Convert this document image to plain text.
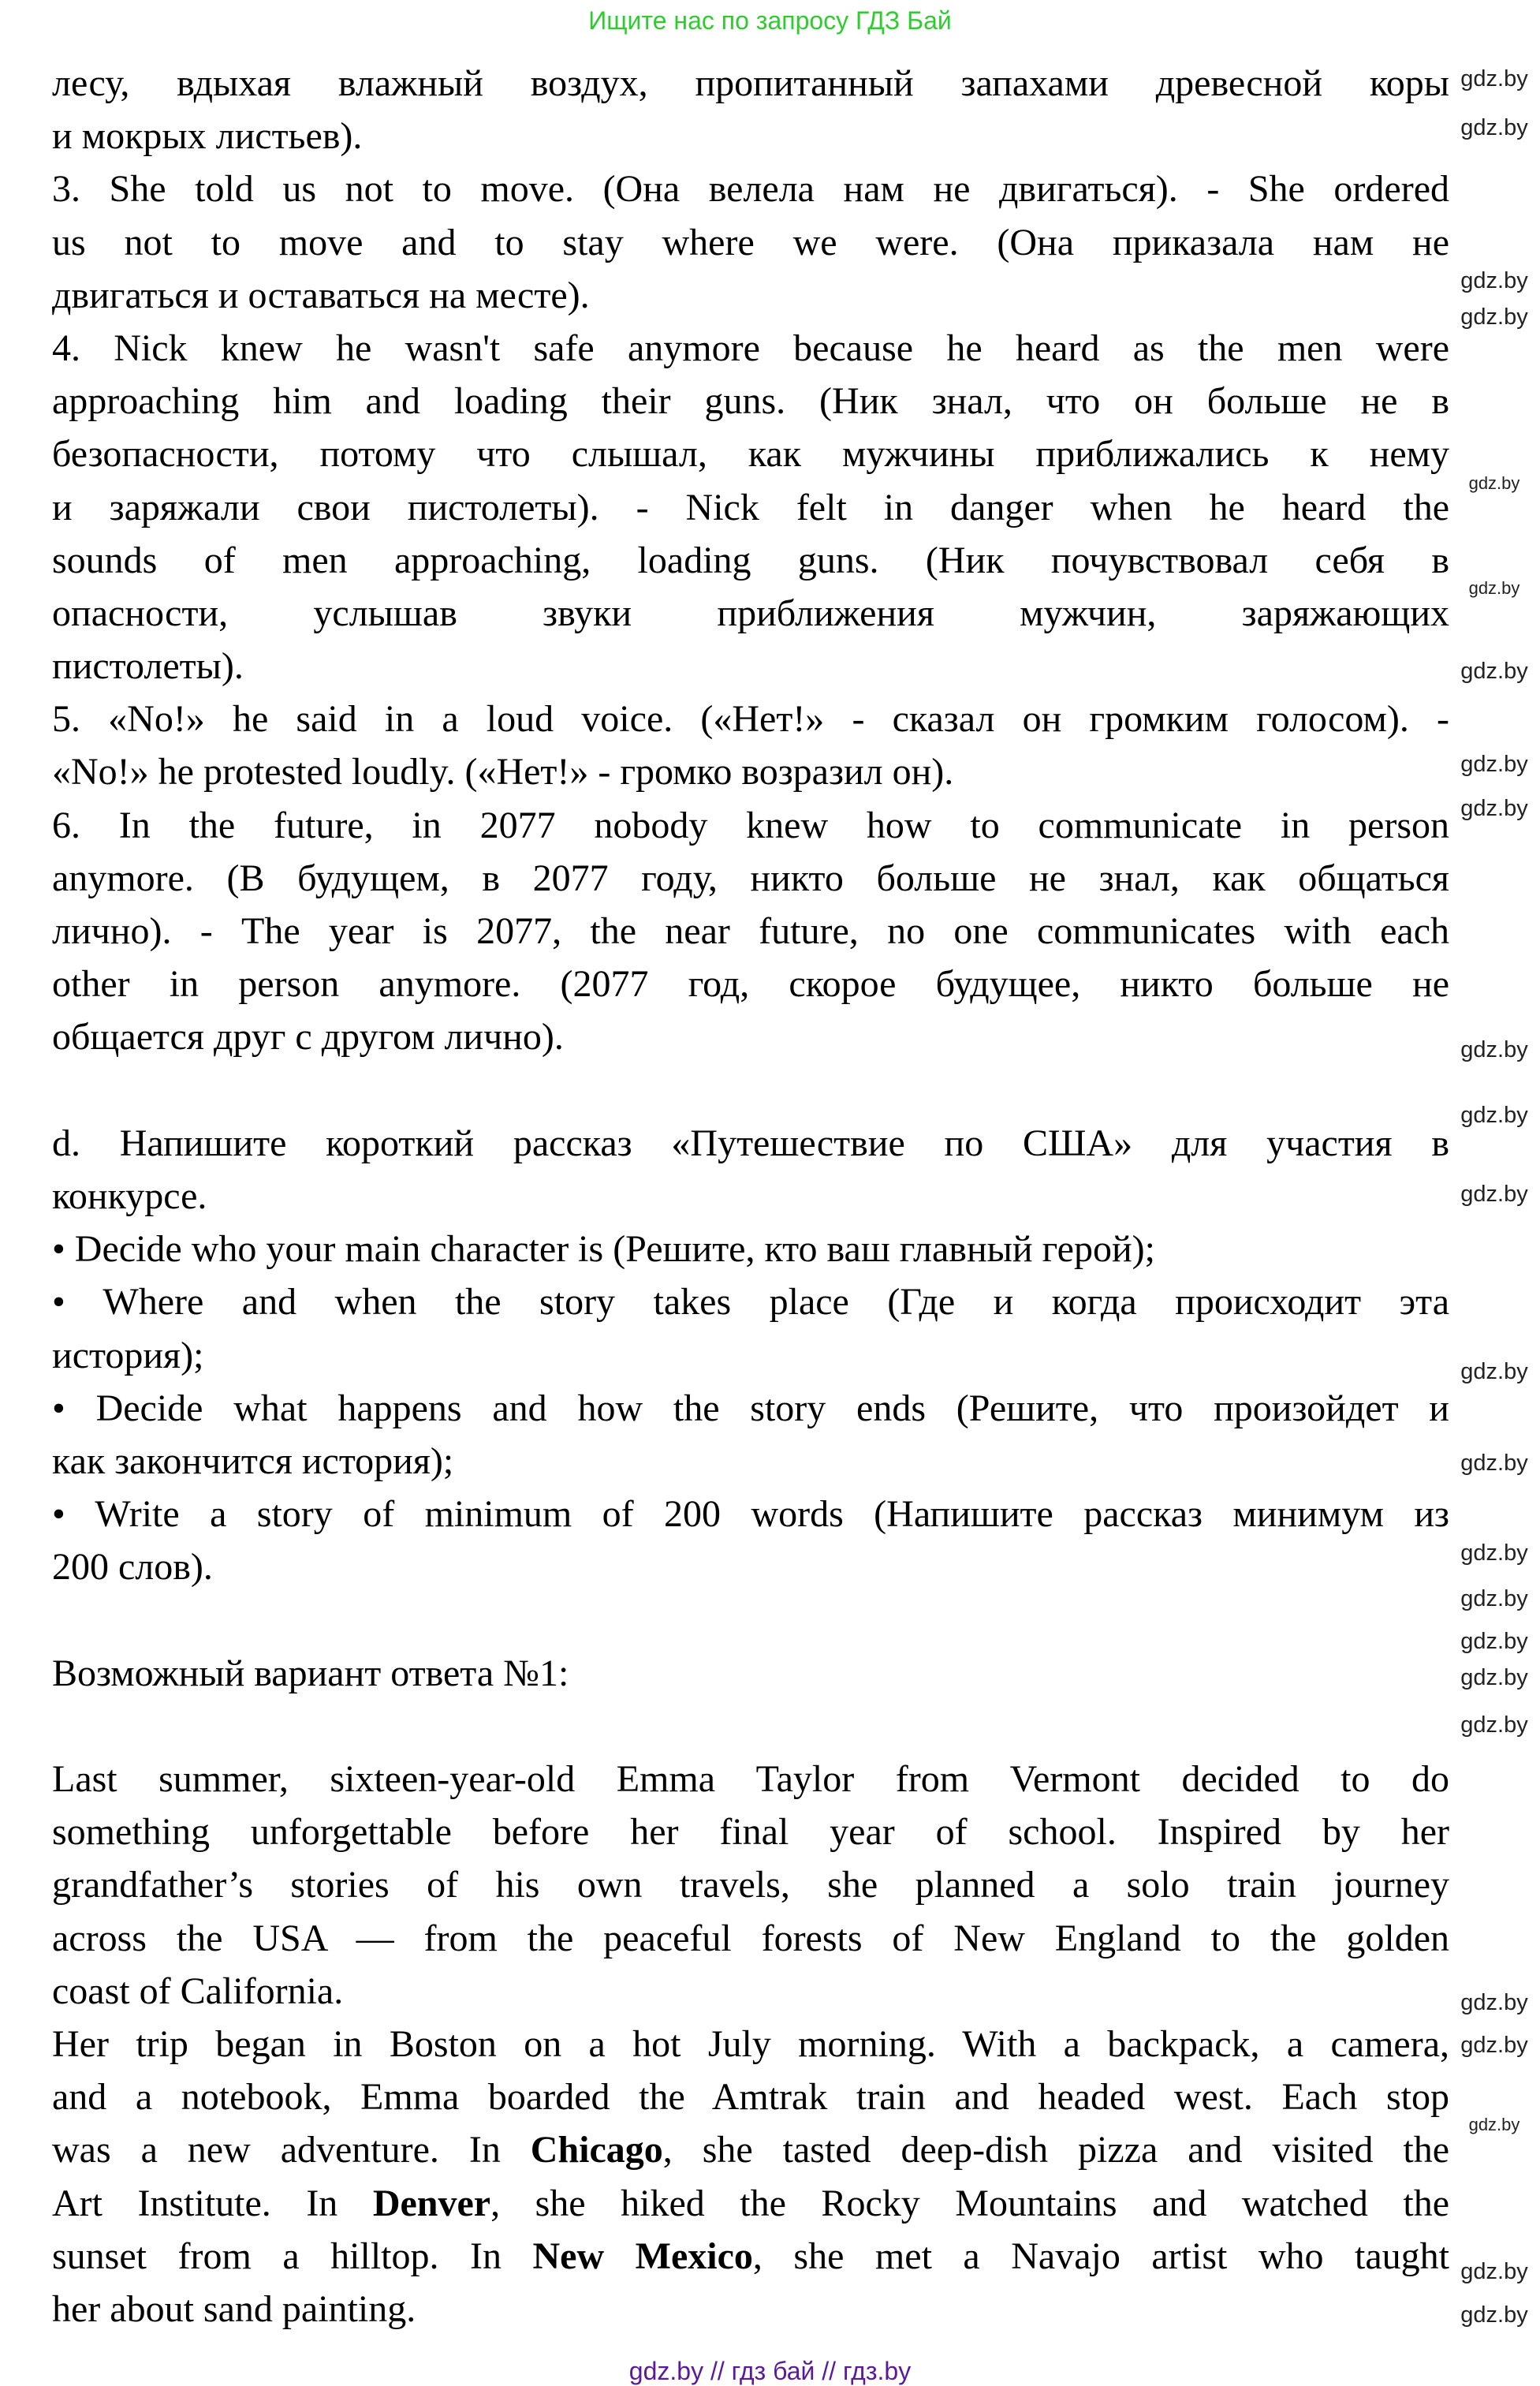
Ищите нас по запросу ГДЗ Бай
лесу, вдыхая влажный воздух, пропитанный запахами древесной коры
и мокрых листьев).
3. She told us not to move. (Она велела нам не двигаться). - She ordered
us not to move and to stay where we were. (Она приказала нам не
двигаться и оставаться на месте).
4. Nick knew he wasn't safe anymore because he heard as the men were
approaching him and loading their guns. (Ник знал, что он больше не в
безопасности, потому что слышал, как мужчины приближались к нему
и заряжали свои пистолеты). - Nick felt in danger when he heard the
sounds of men approaching, loading guns. (Ник почувствовал себя в
опасности, услышав звуки приближения мужчин, заряжающих
пистолеты).
5. «No!» he said in a loud voice. («Нет!» - сказал он громким голосом). -
«No!» he protested loudly. («Нет!» - громко возразил он).
6. In the future, in 2077 nobody knew how to communicate in person
anymore. (В будущем, в 2077 году, никто больше не знал, как общаться
лично). - The year is 2077, the near future, no one communicates with each
other in person anymore. (2077 год, скорое будущее, никто больше не
общается друг с другом лично).
d. Напишите короткий рассказ «Путешествие по США» для участия в
конкурсе.
• Decide who your main character is (Решите, кто ваш главный герой);
• Where and when the story takes place (Где и когда происходит эта
история);
• Decide what happens and how the story ends (Решите, что произойдет и
как закончится история);
• Write a story of minimum of 200 words (Напишите рассказ минимум из
200 слов).
Возможный вариант ответа №1:
Last summer, sixteen-year-old Emma Taylor from Vermont decided to do
something unforgettable before her final year of school. Inspired by her
grandfather’s stories of his own travels, she planned a solo train journey
across the USA — from the peaceful forests of New England to the golden
coast of California.
Her trip began in Boston on a hot July morning. With a backpack, a camera,
and a notebook, Emma boarded the Amtrak train and headed west. Each stop
was a new adventure. In Chicago, she tasted deep-dish pizza and visited the
Art Institute. In Denver, she hiked the Rocky Mountains and watched the
sunset from a hilltop. In New Mexico, she met a Navajo artist who taught
her about sand painting.
gdz.by
gdz.by
gdz.by
gdz.by
gdz.by
gdz.by
gdz.by
gdz.by
gdz.by
gdz.by
gdz.by
gdz.by
gdz.by
gdz.by
gdz.by
gdz.by
gdz.by
gdz.by
gdz.by
gdz.by
gdz.by
gdz.by
gdz.by
gdz.by
gdz.by // гдз бай // гдз.by
